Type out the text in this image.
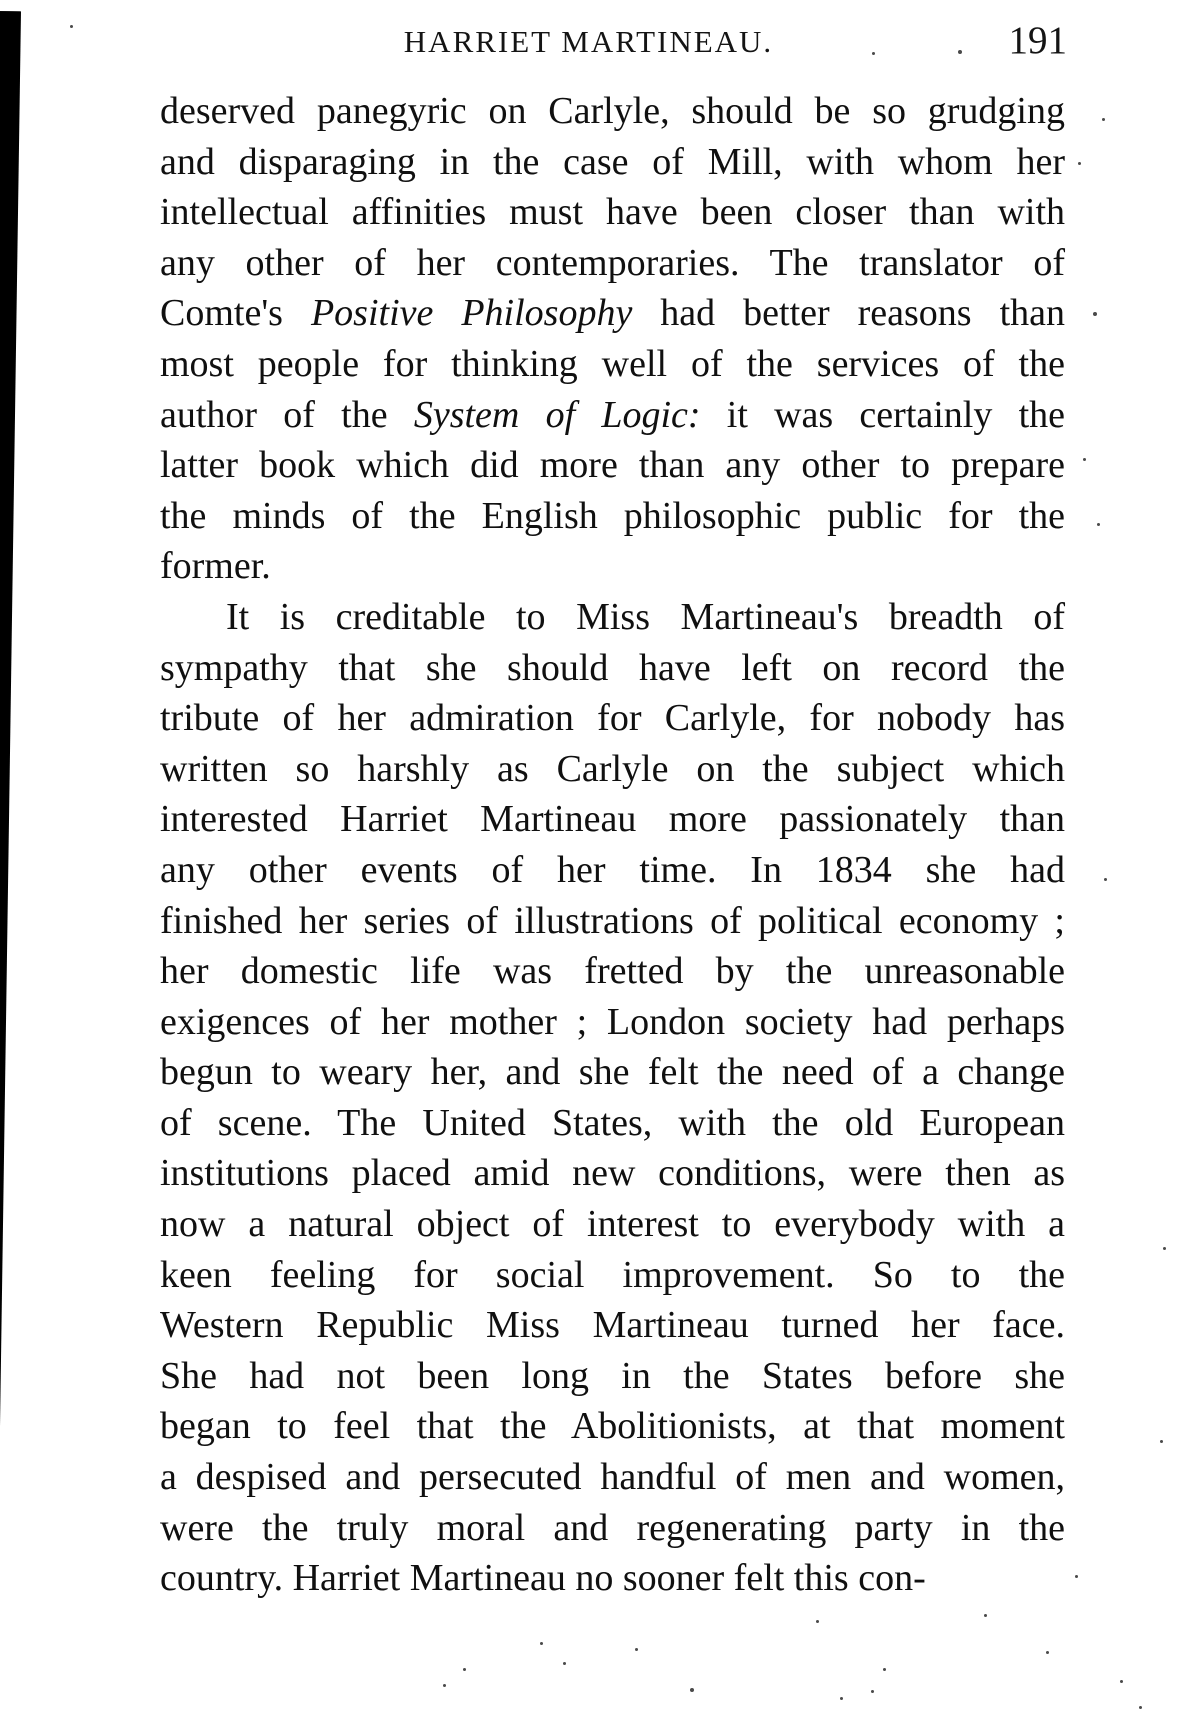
HARRIET MARTINEAU.	191
deserved panegyric on Carlyle, should be so grudging
and disparaging in the case of Mill, with whom her
intellectual affinities must have been closer than with
any other of her contemporaries. The translator of
Comte's Positive Philosophy had better reasons than
most people for thinking well of the services of the
author of the System of Logic: it was certainly the
latter book which did more than any other to prepare
the minds of the English philosophic public for the
former.
It is creditable to Miss Martineau's breadth of
sympathy that she should have left on record the
tribute of her admiration for Carlyle, for nobody has
written so harshly as Carlyle on the subject which
interested Harriet Martineau more passionately than
any other events of her time. In 1834 she had
finished her series of illustrations of political economy ;
her domestic life was fretted by the unreasonable
exigences of her mother ; London society had perhaps
begun to weary her, and she felt the need of a change
of scene. The United States, with the old European
institutions placed amid new conditions, were then as
now a natural object of interest to everybody with a
keen feeling for social improvement. So to the
Western Republic Miss Martineau turned her face.
She had not been long in the States before she
began to feel that the Abolitionists, at that moment
a despised and persecuted handful of men and women,
were the truly moral and regenerating party in the
country. Harriet Martineau no sooner felt this con-
